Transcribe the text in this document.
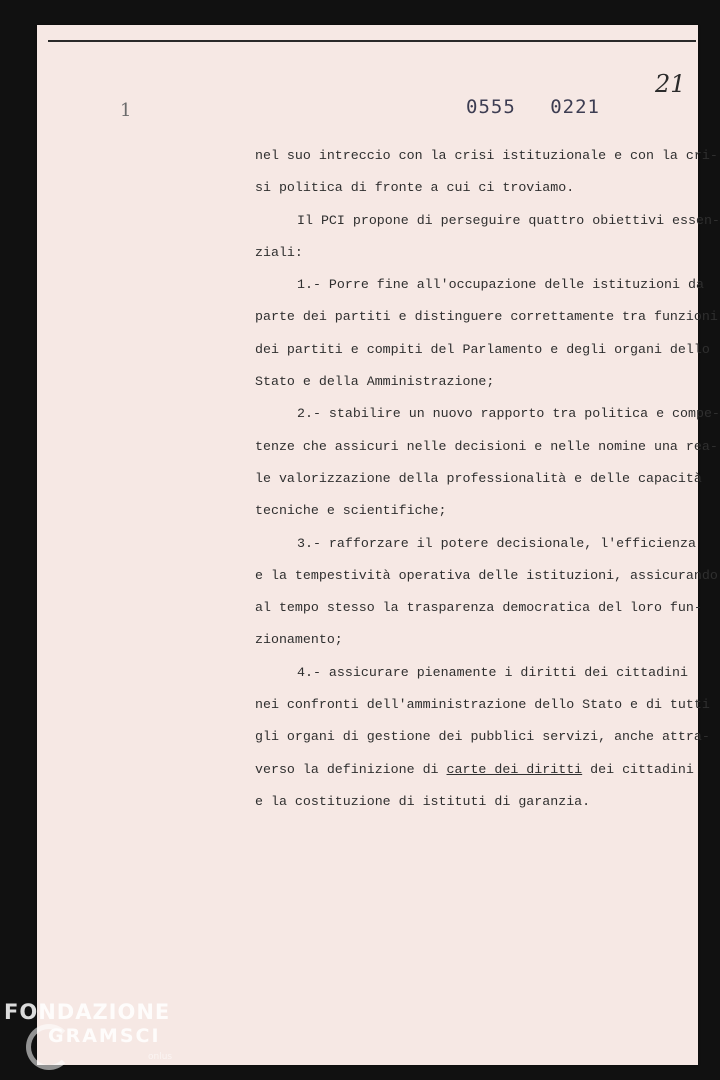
1	0555 0221
21
nel suo intreccio con la crisi istituzionale e con la cri-
si politica di fronte a cui ci troviamo.
Il PCI propone di perseguire quattro obiettivi essen-
ziali:
1.- Porre fine all'occupazione delle istituzioni da
parte dei partiti e distinguere correttamente tra funzioni
dei partiti e compiti del Parlamento e degli organi dello
Stato e della Amministrazione;
2.- stabilire un nuovo rapporto tra politica e compe-
tenze che assicuri nelle decisioni e nelle nomine una rea-
le valorizzazione della professionalità e delle capacità
tecniche e scientifiche;
3.- rafforzare il potere decisionale, l'efficienza
e la tempestività operativa delle istituzioni, assicurando
al tempo stesso la trasparenza democratica del loro fun-
zionamento;
4.- assicurare pienamente i diritti dei cittadini
nei confronti dell'amministrazione dello Stato e di tutti
gli organi di gestione dei pubblici servizi, anche attra-
verso la definizione di carte dei diritti dei cittadini
e la costituzione di istituti di garanzia.
FONDAZIONE
GRAMSCI
onlus
